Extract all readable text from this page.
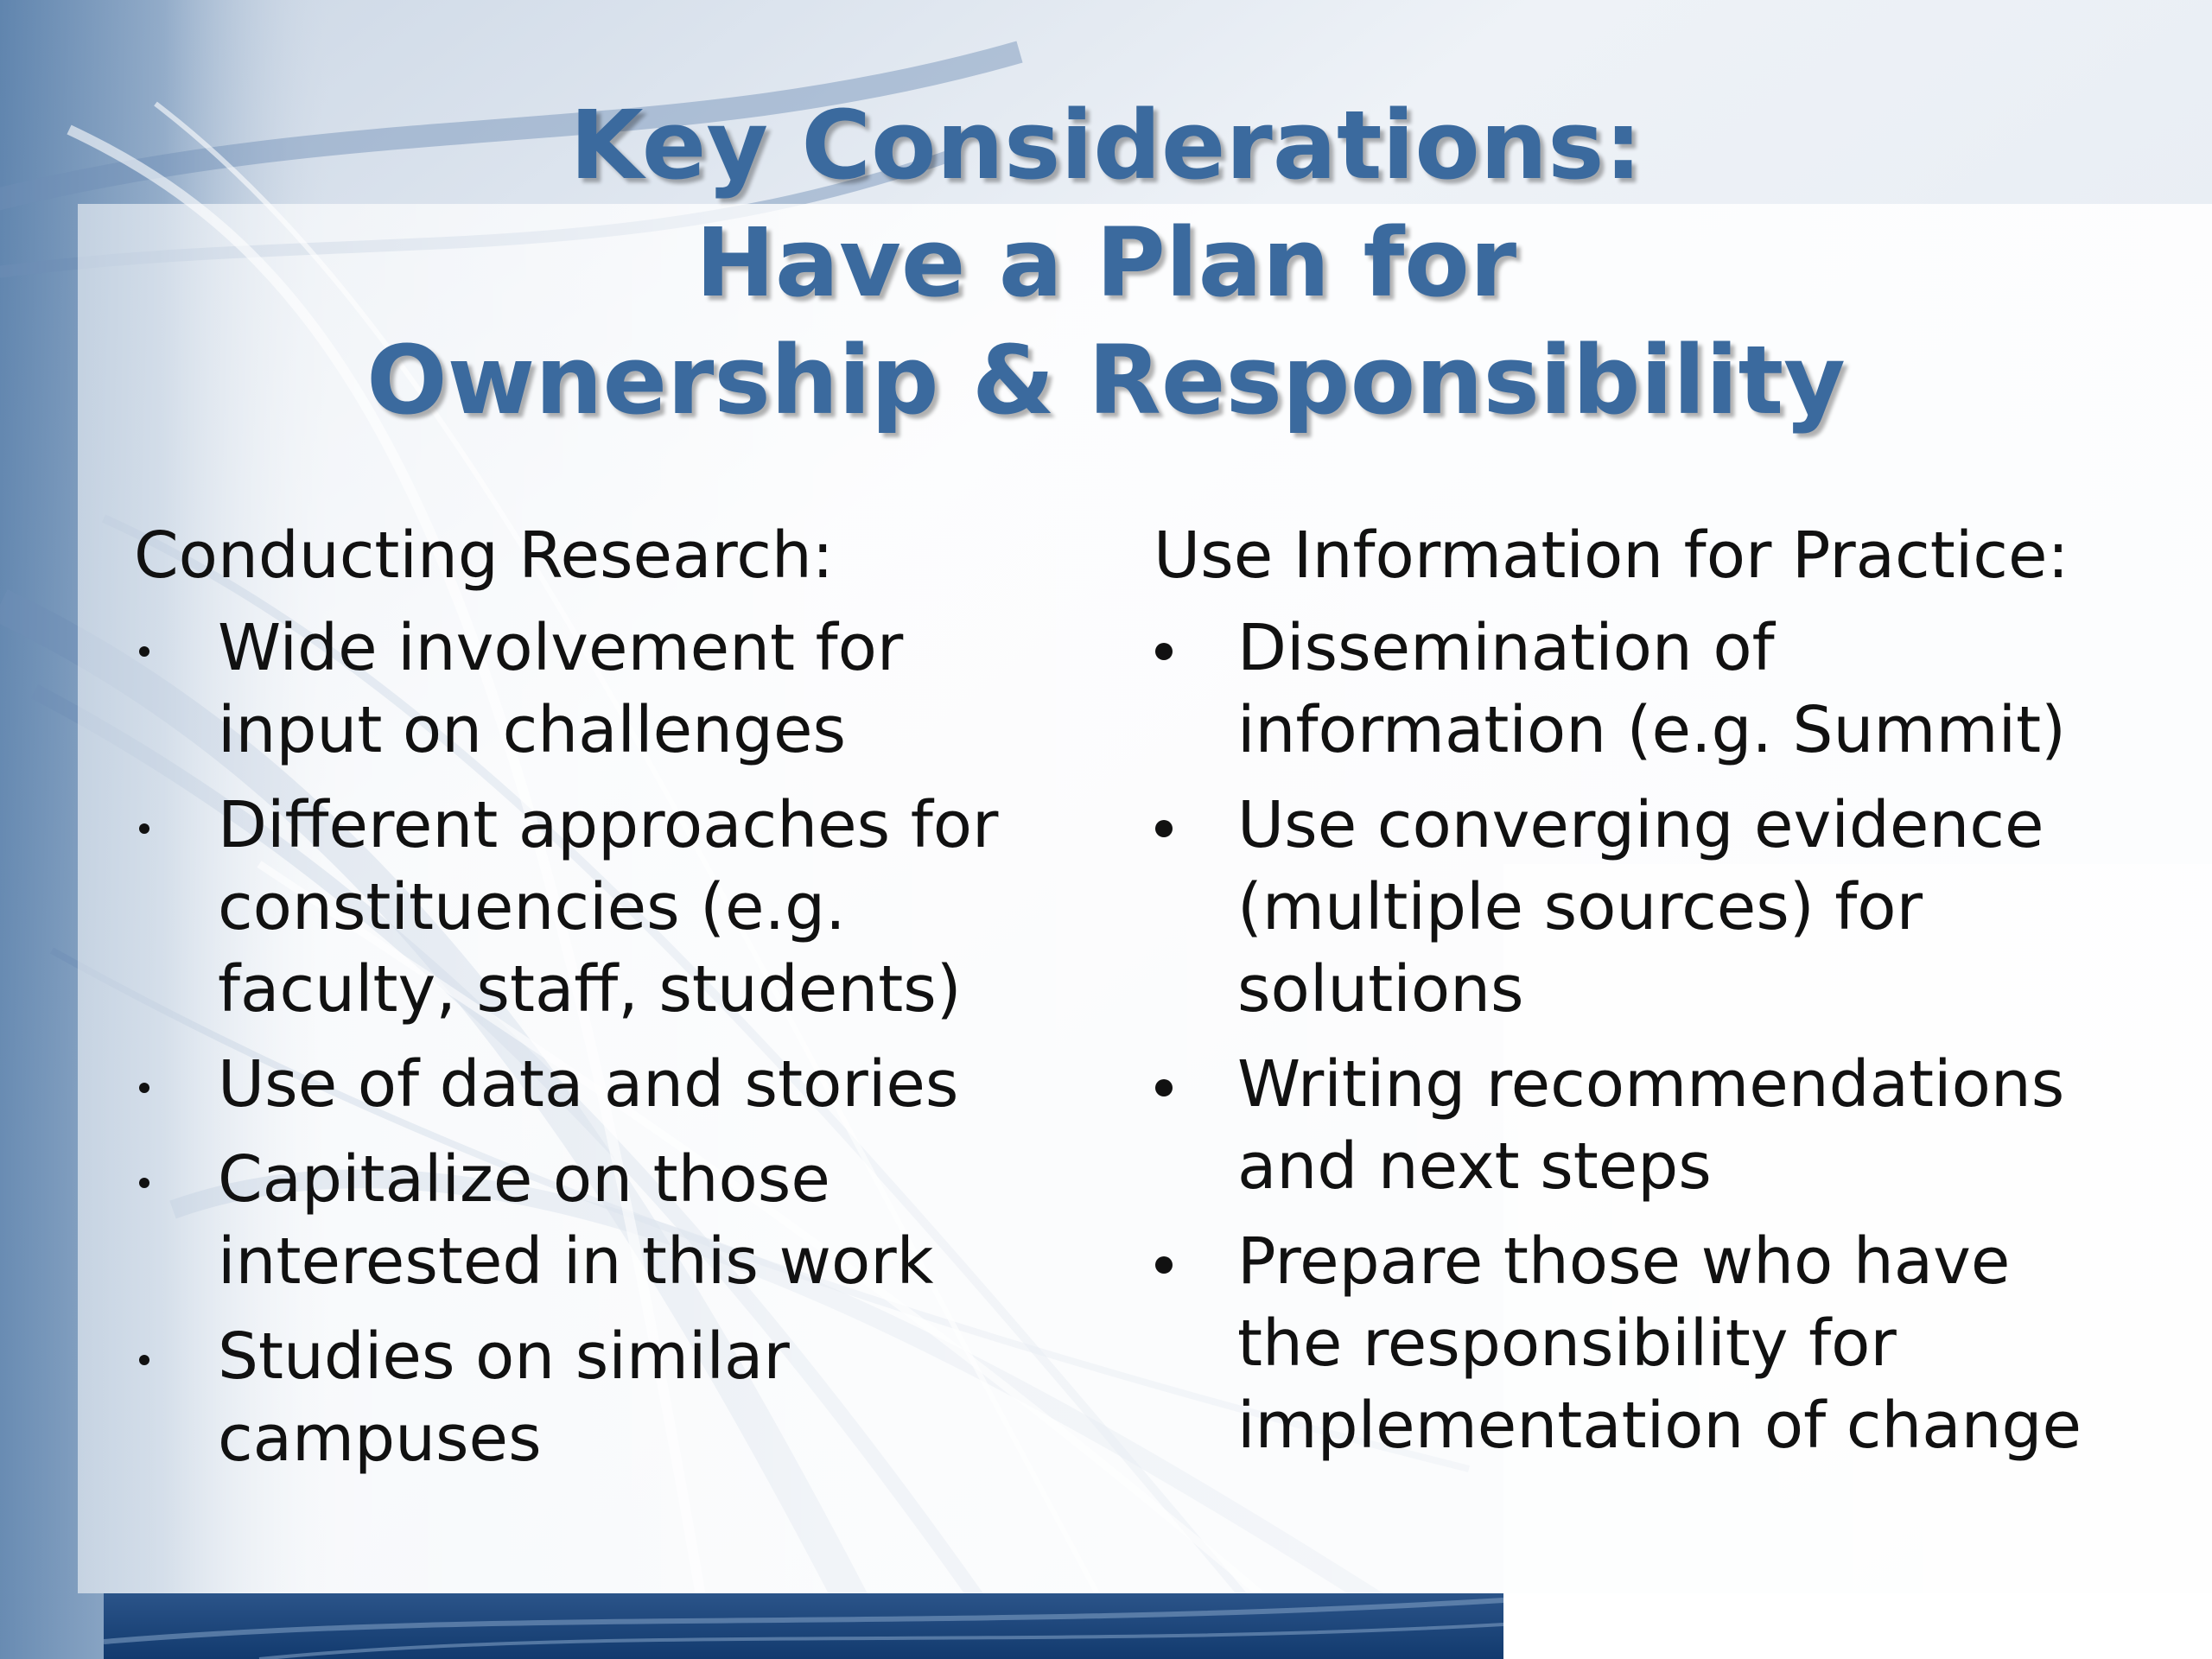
Key Considerations:
Have a Plan for
Ownership & Responsibility
Conducting Research:
Wide involvement for
input on challenges
Different approaches for
constituencies (e.g.
faculty, staff, students)
Use of data and stories
Capitalize on those
interested in this work
Studies on similar
campuses
Use Information for Practice:
Dissemination of
information (e.g. Summit)
Use converging evidence
(multiple sources) for
solutions
Writing recommendations
and next steps
Prepare those who have
the responsibility for
implementation of change
